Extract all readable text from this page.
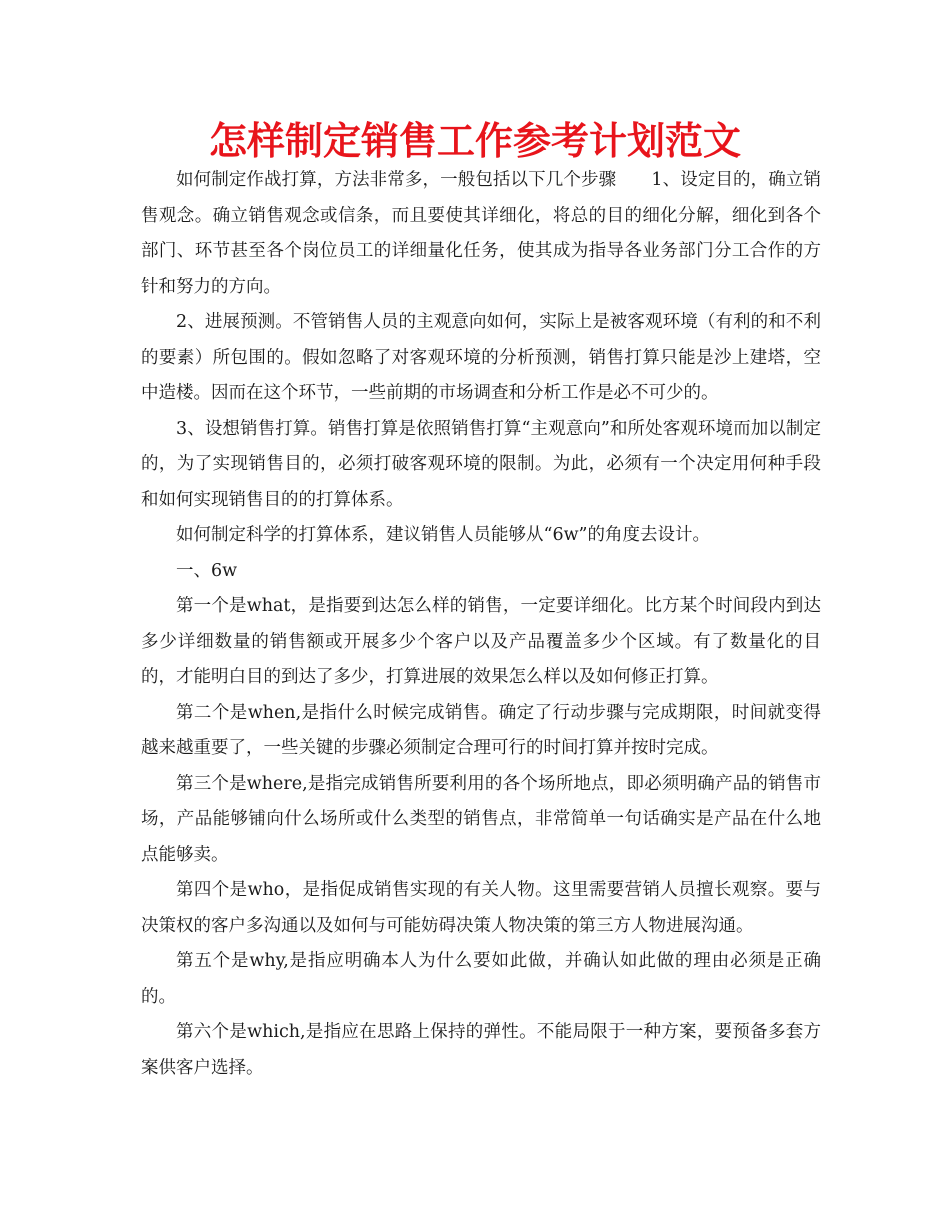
怎样制定销售工作参考计划范文

如何制定作战打算，方法非常多，一般包括以下几个步骤　　1、设定目的，确立销售观念。确立销售观念或信条，而且要使其详细化，将总的目的细化分解，细化到各个部门、环节甚至各个岗位员工的详细量化任务，使其成为指导各业务部门分工合作的方针和努力的方向。

2、进展预测。不管销售人员的主观意向如何，实际上是被客观环境（有利的和不利的要素）所包围的。假如忽略了对客观环境的分析预测，销售打算只能是沙上建塔，空中造楼。因而在这个环节，一些前期的市场调查和分析工作是必不可少的。

3、设想销售打算。销售打算是依照销售打算“主观意向”和所处客观环境而加以制定的，为了实现销售目的，必须打破客观环境的限制。为此，必须有一个决定用何种手段和如何实现销售目的的打算体系。

如何制定科学的打算体系，建议销售人员能够从“6w”的角度去设计。

一、6w

第一个是what，是指要到达怎么样的销售，一定要详细化。比方某个时间段内到达多少详细数量的销售额或开展多少个客户以及产品覆盖多少个区域。有了数量化的目的，才能明白目的到达了多少，打算进展的效果怎么样以及如何修正打算。

第二个是when,是指什么时候完成销售。确定了行动步骤与完成期限，时间就变得越来越重要了，一些关键的步骤必须制定合理可行的时间打算并按时完成。

第三个是where,是指完成销售所要利用的各个场所地点，即必须明确产品的销售市场，产品能够铺向什么场所或什么类型的销售点，非常简单一句话确实是产品在什么地点能够卖。

第四个是who，是指促成销售实现的有关人物。这里需要营销人员擅长观察。要与决策权的客户多沟通以及如何与可能妨碍决策人物决策的第三方人物进展沟通。

第五个是why,是指应明确本人为什么要如此做，并确认如此做的理由必须是正确的。

第六个是which,是指应在思路上保持的弹性。不能局限于一种方案，要预备多套方案供客户选择。
